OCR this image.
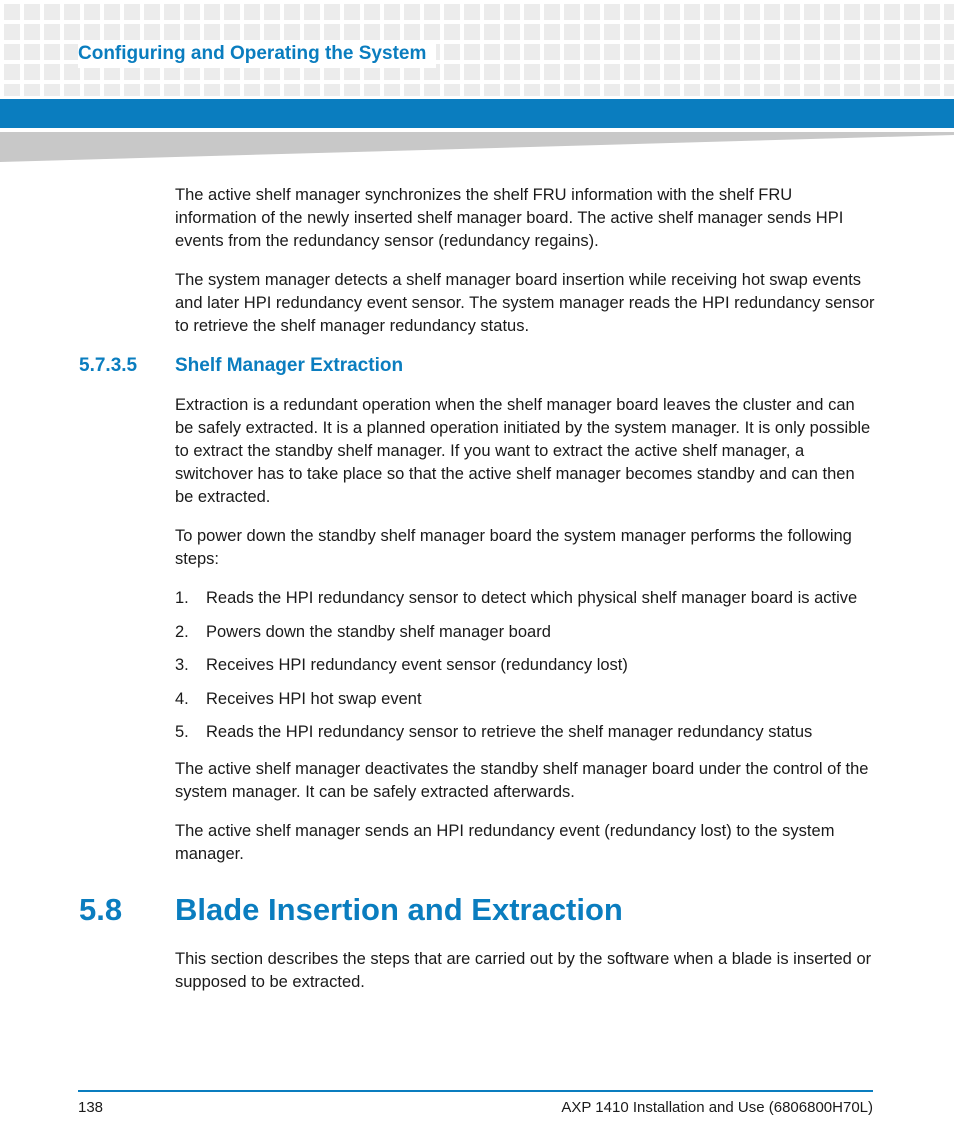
Configuring and Operating the System

The active shelf manager synchronizes the shelf FRU information with the shelf FRU information of the newly inserted shelf manager board. The active shelf manager sends HPI events from the redundancy sensor (redundancy regains).

The system manager detects a shelf manager board insertion while receiving hot swap events and later HPI redundancy event sensor. The system manager reads the HPI redundancy sensor to retrieve the shelf manager redundancy status.

5.7.3.5 Shelf Manager Extraction

Extraction is a redundant operation when the shelf manager board leaves the cluster and can be safely extracted. It is a planned operation initiated by the system manager. It is only possible to extract the standby shelf manager. If you want to extract the active shelf manager, a switchover has to take place so that the active shelf manager becomes standby and can then be extracted.

To power down the standby shelf manager board the system manager performs the following steps:

1. Reads the HPI redundancy sensor to detect which physical shelf manager board is active
2. Powers down the standby shelf manager board
3. Receives HPI redundancy event sensor (redundancy lost)
4. Receives HPI hot swap event
5. Reads the HPI redundancy sensor to retrieve the shelf manager redundancy status

The active shelf manager deactivates the standby shelf manager board under the control of the system manager. It can be safely extracted afterwards.

The active shelf manager sends an HPI redundancy event (redundancy lost) to the system manager.

5.8 Blade Insertion and Extraction

This section describes the steps that are carried out by the software when a blade is inserted or supposed to be extracted.

138	AXP 1410 Installation and Use (6806800H70L)
